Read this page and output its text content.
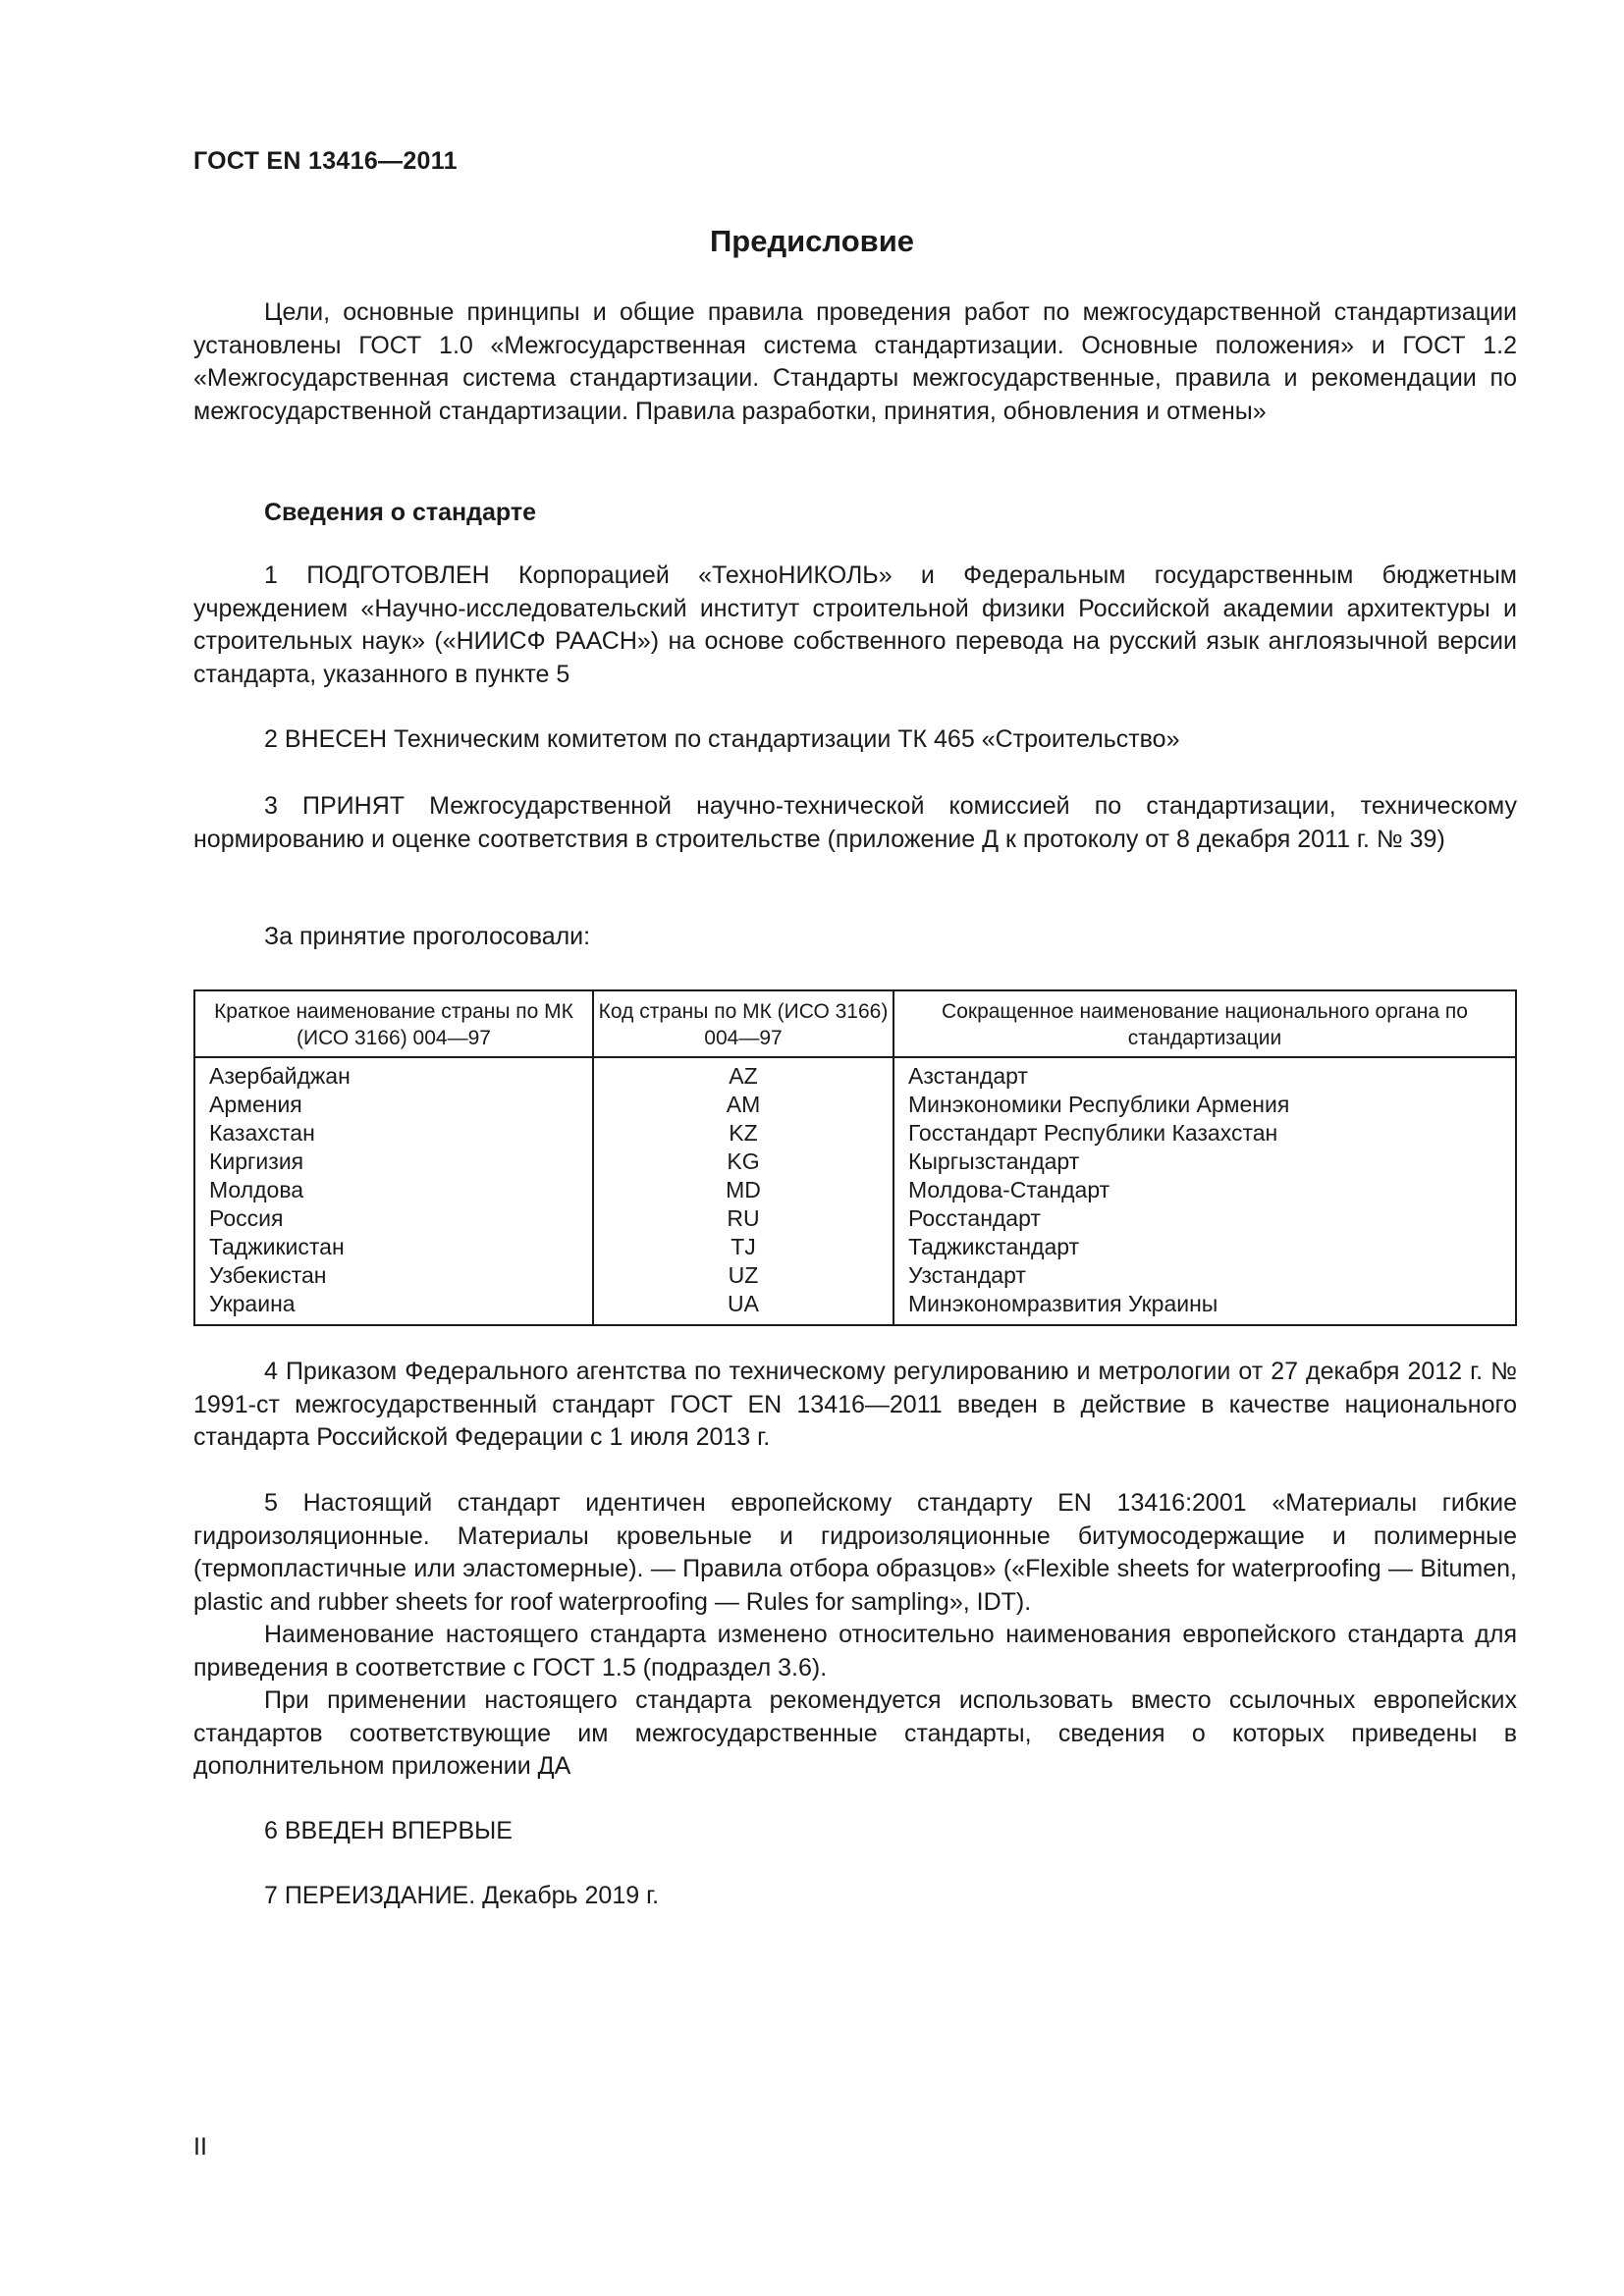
ГОСТ EN 13416—2011
Предисловие

Цели, основные принципы и общие правила проведения работ по межгосударственной стандартизации установлены ГОСТ 1.0 «Межгосударственная система стандартизации. Основные положения» и ГОСТ 1.2 «Межгосударственная система стандартизации. Стандарты межгосударственные, правила и рекомендации по межгосударственной стандартизации. Правила разработки, принятия, обновления и отмены»

Сведения о стандарте

1 ПОДГОТОВЛЕН Корпорацией «ТехноНИКОЛЬ» и Федеральным государственным бюджетным учреждением «Научно-исследовательский институт строительной физики Российской академии архитектуры и строительных наук» («НИИСФ РААСН») на основе собственного перевода на русский язык англоязычной версии стандарта, указанного в пункте 5

2 ВНЕСЕН Техническим комитетом по стандартизации ТК 465 «Строительство»

3 ПРИНЯТ Межгосударственной научно-технической комиссией по стандартизации, техническому нормированию и оценке соответствия в строительстве (приложение Д к протоколу от 8 декабря 2011 г. № 39)

За принятие проголосовали:
Краткое наименование страны по МК (ИСО 3166) 004—97	Код страны по МК (ИСО 3166) 004—97	Сокращенное наименование национального органа по стандартизации
Азербайджан	AZ	Азстандарт
Армения	AM	Минэкономики Республики Армения
Казахстан	KZ	Госстандарт Республики Казахстан
Киргизия	KG	Кыргызстандарт
Молдова	MD	Молдова-Стандарт
Россия	RU	Росстандарт
Таджикистан	TJ	Таджикстандарт
Узбекистан	UZ	Узстандарт
Украина	UA	Минэкономразвития Украины

4 Приказом Федерального агентства по техническому регулированию и метрологии от 27 декабря 2012 г. № 1991-ст межгосударственный стандарт ГОСТ EN 13416—2011 введен в действие в качестве национального стандарта Российской Федерации с 1 июля 2013 г.

5 Настоящий стандарт идентичен европейскому стандарту EN 13416:2001 «Материалы гибкие гидроизоляционные. Материалы кровельные и гидроизоляционные битумосодержащие и полимерные (термопластичные или эластомерные). — Правила отбора образцов» («Flexible sheets for waterproofing — Bitumen, plastic and rubber sheets for roof waterproofing — Rules for sampling», IDT).

Наименование настоящего стандарта изменено относительно наименования европейского стандарта для приведения в соответствие с ГОСТ 1.5 (подраздел 3.6).

При применении настоящего стандарта рекомендуется использовать вместо ссылочных европейских стандартов соответствующие им межгосударственные стандарты, сведения о которых приведены в дополнительном приложении ДА

6 ВВЕДЕН ВПЕРВЫЕ
7 ПЕРЕИЗДАНИЕ. Декабрь 2019 г.
II
